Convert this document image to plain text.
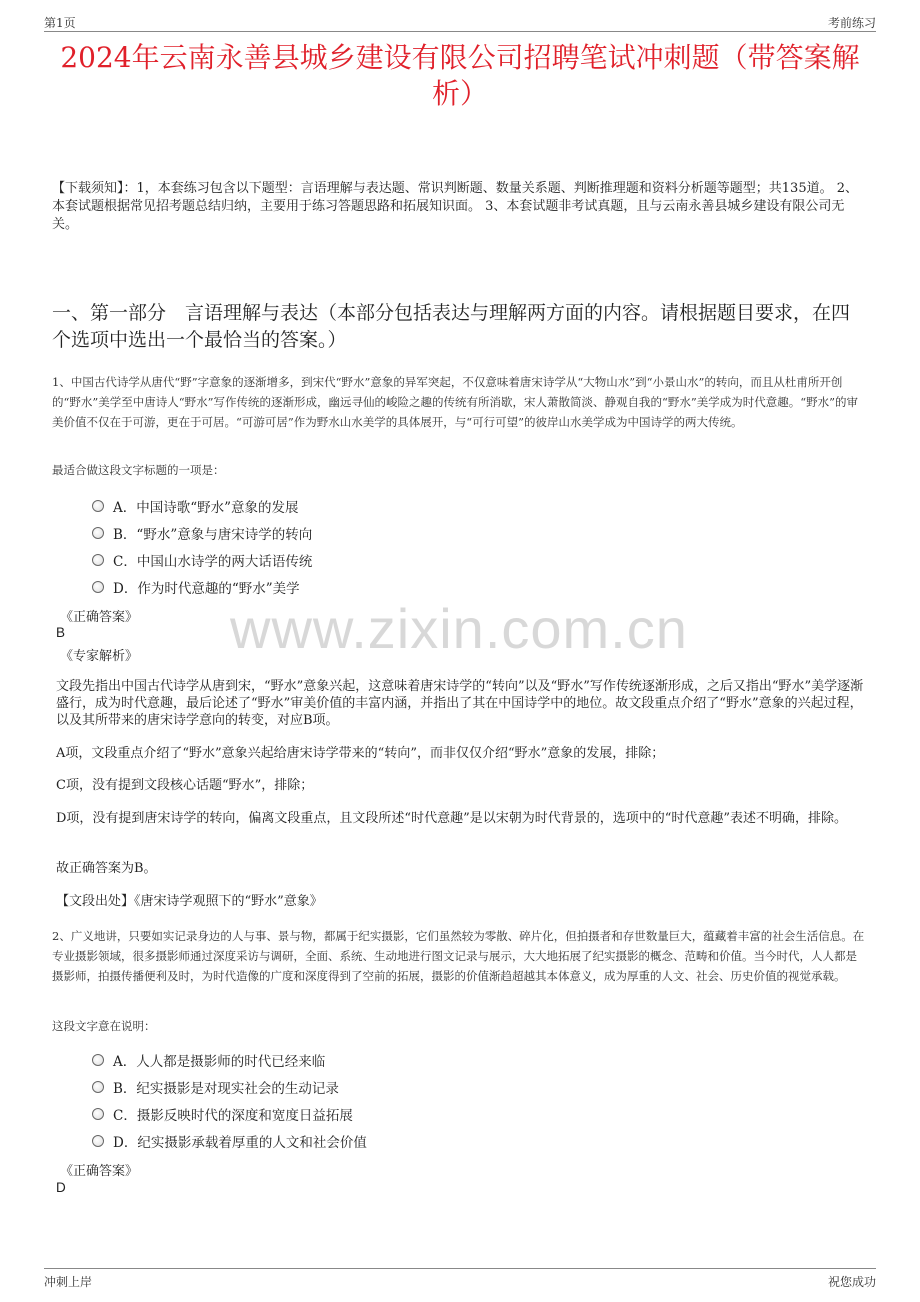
第1页	考前练习
2024年云南永善县城乡建设有限公司招聘笔试冲刺题（带答案解析）
【下载须知】：1，本套练习包含以下题型：言语理解与表达题、常识判断题、数量关系题、判断推理题和资料分析题等题型；共135道。 2、本套试题根据常见招考题总结归纳，主要用于练习答题思路和拓展知识面。 3、本套试题非考试真题，且与云南永善县城乡建设有限公司无关。
一、第一部分　言语理解与表达（本部分包括表达与理解两方面的内容。请根据题目要求，在四个选项中选出一个最恰当的答案。）
1、中国古代诗学从唐代“野”字意象的逐渐增多，到宋代“野水”意象的异军突起，不仅意味着唐宋诗学从“大物山水”到“小景山水”的转向，而且从杜甫所开创的“野水”美学至中唐诗人“野水”写作传统的逐渐形成，幽远寻仙的峻险之趣的传统有所消歇，宋人萧散简淡、静观自我的“野水”美学成为时代意趣。“野水”的审美价值不仅在于可游，更在于可居。“可游可居”作为野水山水美学的具体展开，与“可行可望”的彼岸山水美学成为中国诗学的两大传统。
最适合做这段文字标题的一项是：
A．中国诗歌“野水”意象的发展
B．“野水”意象与唐宋诗学的转向
C．中国山水诗学的两大话语传统
D．作为时代意趣的“野水”美学
《正确答案》
B
《专家解析》
文段先指出中国古代诗学从唐到宋，“野水”意象兴起，这意味着唐宋诗学的“转向”以及“野水”写作传统逐渐形成，之后又指出“野水”美学逐渐盛行，成为时代意趣，最后论述了“野水”审美价值的丰富内涵，并指出了其在中国诗学中的地位。故文段重点介绍了“野水”意象的兴起过程，以及其所带来的唐宋诗学意向的转变，对应B项。
A项，文段重点介绍了“野水”意象兴起给唐宋诗学带来的“转向”，而非仅仅介绍“野水”意象的发展，排除；
C项，没有提到文段核心话题“野水”，排除；
D项，没有提到唐宋诗学的转向，偏离文段重点，且文段所述“时代意趣”是以宋朝为时代背景的，选项中的“时代意趣”表述不明确，排除。
故正确答案为B。
【文段出处】《唐宋诗学观照下的“野水”意象》
2、广义地讲，只要如实记录身边的人与事、景与物，都属于纪实摄影，它们虽然较为零散、碎片化，但拍摄者和存世数量巨大，蕴藏着丰富的社会生活信息。在专业摄影领域，很多摄影师通过深度采访与调研，全面、系统、生动地进行图文记录与展示，大大地拓展了纪实摄影的概念、范畴和价值。当今时代，人人都是摄影师，拍摄传播便利及时，为时代造像的广度和深度得到了空前的拓展，摄影的价值渐趋超越其本体意义，成为厚重的人文、社会、历史价值的视觉承载。
这段文字意在说明：
A．人人都是摄影师的时代已经来临
B．纪实摄影是对现实社会的生动记录
C．摄影反映时代的深度和宽度日益拓展
D．纪实摄影承载着厚重的人文和社会价值
《正确答案》
D
www.zixin.com.cn
冲刺上岸	祝您成功
